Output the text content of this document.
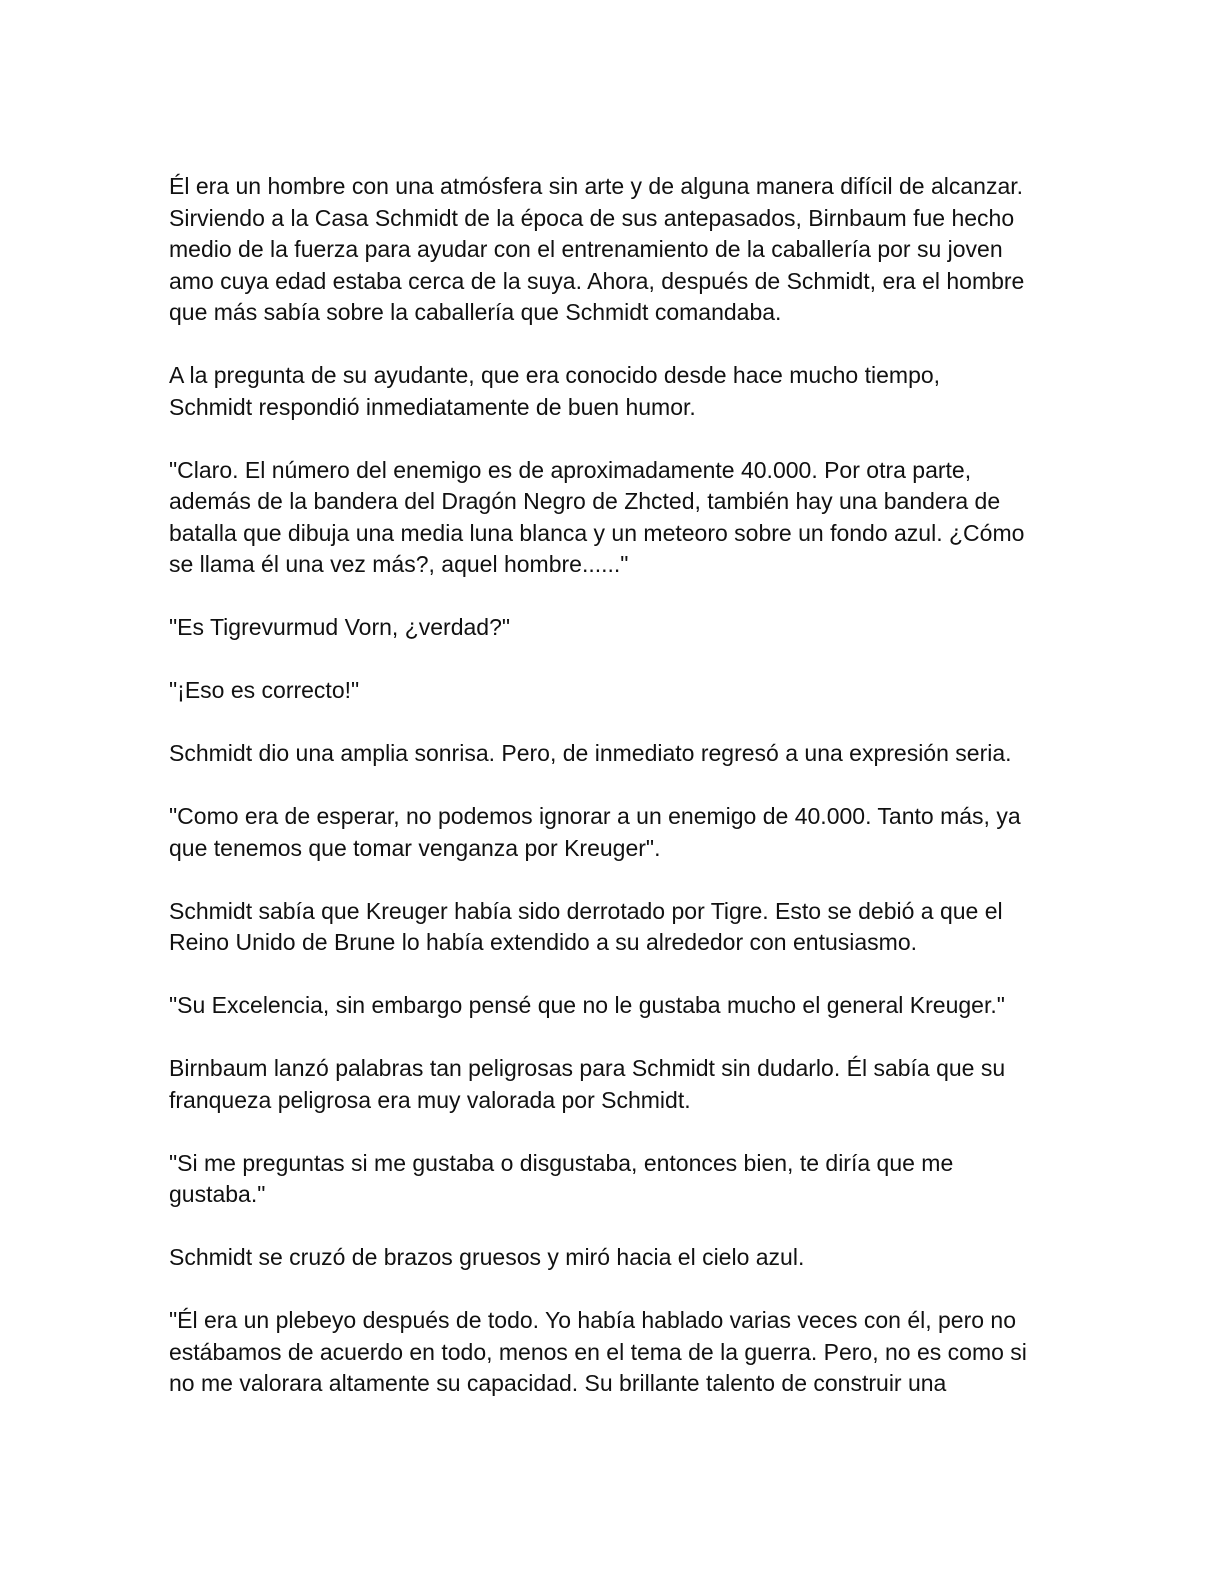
Él era un hombre con una atmósfera sin arte y de alguna manera difícil de alcanzar.
Sirviendo a la Casa Schmidt de la época de sus antepasados, Birnbaum fue hecho
medio de la fuerza para ayudar con el entrenamiento de la caballería por su joven
amo cuya edad estaba cerca de la suya. Ahora, después de Schmidt, era el hombre
que más sabía sobre la caballería que Schmidt comandaba.

A la pregunta de su ayudante, que era conocido desde hace mucho tiempo,
Schmidt respondió inmediatamente de buen humor.

"Claro. El número del enemigo es de aproximadamente 40.000. Por otra parte,
además de la bandera del Dragón Negro de Zhcted, también hay una bandera de
batalla que dibuja una media luna blanca y un meteoro sobre un fondo azul. ¿Cómo
se llama él una vez más?, aquel hombre......"

"Es Tigrevurmud Vorn, ¿verdad?"

"¡Eso es correcto!"

Schmidt dio una amplia sonrisa. Pero, de inmediato regresó a una expresión seria.

"Como era de esperar, no podemos ignorar a un enemigo de 40.000. Tanto más, ya
que tenemos que tomar venganza por Kreuger".

Schmidt sabía que Kreuger había sido derrotado por Tigre. Esto se debió a que el
Reino Unido de Brune lo había extendido a su alrededor con entusiasmo.

"Su Excelencia, sin embargo pensé que no le gustaba mucho el general Kreuger."

Birnbaum lanzó palabras tan peligrosas para Schmidt sin dudarlo. Él sabía que su
franqueza peligrosa era muy valorada por Schmidt.

"Si me preguntas si me gustaba o disgustaba, entonces bien, te diría que me
gustaba."

Schmidt se cruzó de brazos gruesos y miró hacia el cielo azul.

"Él era un plebeyo después de todo. Yo había hablado varias veces con él, pero no
estábamos de acuerdo en todo, menos en el tema de la guerra. Pero, no es como si
no me valorara altamente su capacidad. Su brillante talento de construir una
